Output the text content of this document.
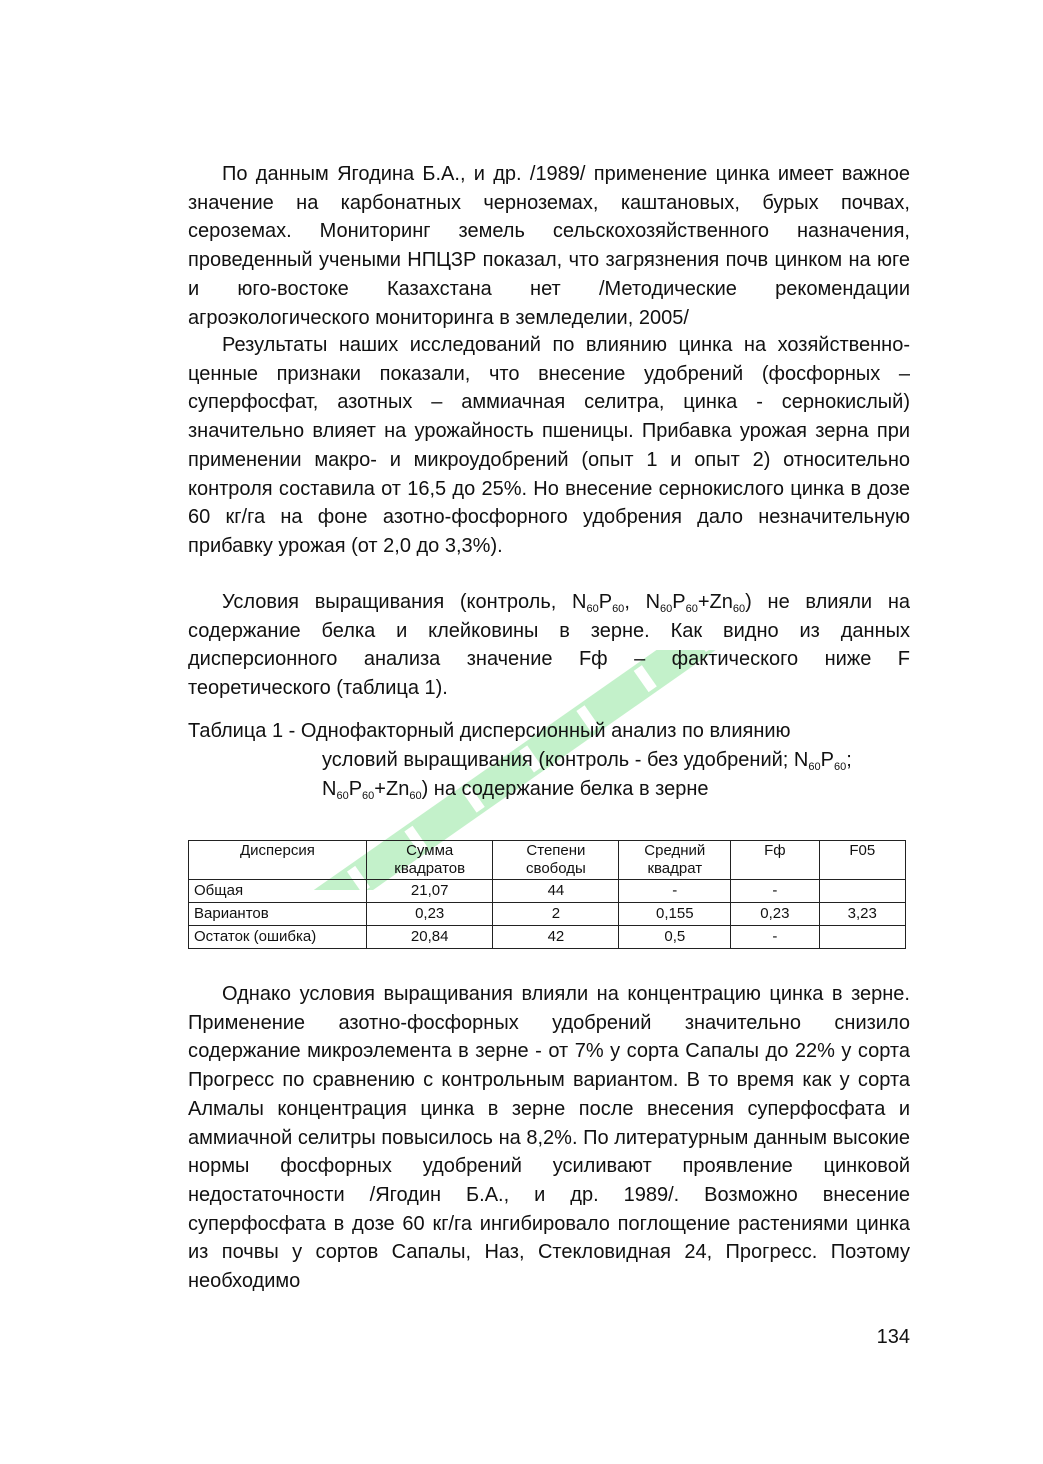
По данным Ягодина Б.А., и др. /1989/ применение цинка имеет важное значение на карбонатных черноземах, каштановых, бурых почвах, сероземах. Мониторинг земель сельскохозяйственного назначения, проведенный учеными НПЦЗР показал, что загрязнения почв цинком на юге и юго-востоке Казахстана нет /Методические рекомендации агроэкологического мониторинга в земледелии, 2005/

Результаты наших исследований по влиянию цинка на хозяйственно-ценные признаки показали, что внесение удобрений (фосфорных – суперфосфат, азотных – аммиачная селитра, цинка - сернокислый) значительно влияет на урожайность пшеницы. Прибавка урожая зерна при применении макро- и микроудобрений (опыт 1 и опыт 2) относительно контроля составила от 16,5 до 25%. Но внесение сернокислого цинка в дозе 60 кг/га на фоне азотно-фосфорного удобрения дало незначительную прибавку урожая (от 2,0 до 3,3%).

Условия выращивания (контроль, $N_{60}P_{60}$, $N_{60}P_{60}+Zn_{60}$) не влияли на содержание белка и клейковины в зерне. Как видно из данных дисперсионного анализа значение Fф – фактического ниже F теоретического (таблица 1).

Таблица 1 - Однофакторный дисперсионный анализ по влиянию
условий выращивания (контроль - без удобрений; $N_{60}P_{60}$;
$N_{60}P_{60}+Zn_{60}$) на содержание белка в зерне
Дисперсия	Сумма квадратов	Степени свободы	Средний квадрат	Fф	F05
Общая	21,07	44	-	-	
Вариантов	0,23	2	0,155	0,23	3,23
Остаток (ошибка)	20,84	42	0,5	-	

Однако условия выращивания влияли на концентрацию цинка в зерне. Применение азотно-фосфорных удобрений значительно снизило содержание микроэлемента в зерне - от 7% у сорта Сапалы до 22% у сорта Прогресс по сравнению с контрольным вариантом. В то время как у сорта Алмалы концентрация цинка в зерне после внесения суперфосфата и аммиачной селитры повысилось на 8,2%. По литературным данным высокие нормы фосфорных удобрений усиливают проявление цинковой недостаточности /Ягодин Б.А., и др. 1989/. Возможно внесение суперфосфата в дозе 60 кг/га ингибировало поглощение растениями цинка из почвы у сортов Сапалы, Наз, Стекловидная 24, Прогресс. Поэтому необходимо

134
